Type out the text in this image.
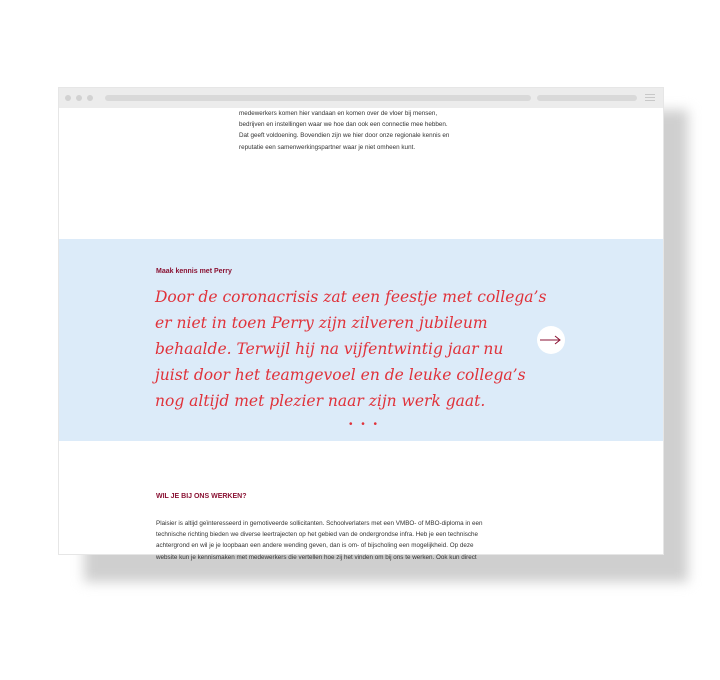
medewerkers komen hier vandaan en komen over de vloer bij mensen,

bedrijven en instellingen waar we hoe dan ook een connectie mee hebben.

Dat geeft voldoening. Bovendien zijn we hier door onze regionale kennis en

reputatie een samenwerkingspartner waar je niet omheen kunt.

Maak kennis met Perry
Door de coronacrisis zat een feestje met collega’s
er niet in toen Perry zijn zilveren jubileum
behaalde. Terwijl hij na vijfentwintig jaar nu
juist door het teamgevoel en de leuke collega’s
nog altijd met plezier naar zijn werk gaat.
• • •
WIL JE BIJ ONS WERKEN?

Plaisier is altijd geïnteresseerd in gemotiveerde sollicitanten. Schoolverlaters met een VMBO- of MBO-diploma in een

technische richting bieden we diverse leertrajecten op het gebied van de ondergrondse infra. Heb je een technische

achtergrond en wil je je loopbaan een andere wending geven, dan is om- of bijscholing een mogelijkheid. Op deze

website kun je kennismaken met medewerkers die vertellen hoe zij het vinden om bij ons te werken. Ook kun direct
